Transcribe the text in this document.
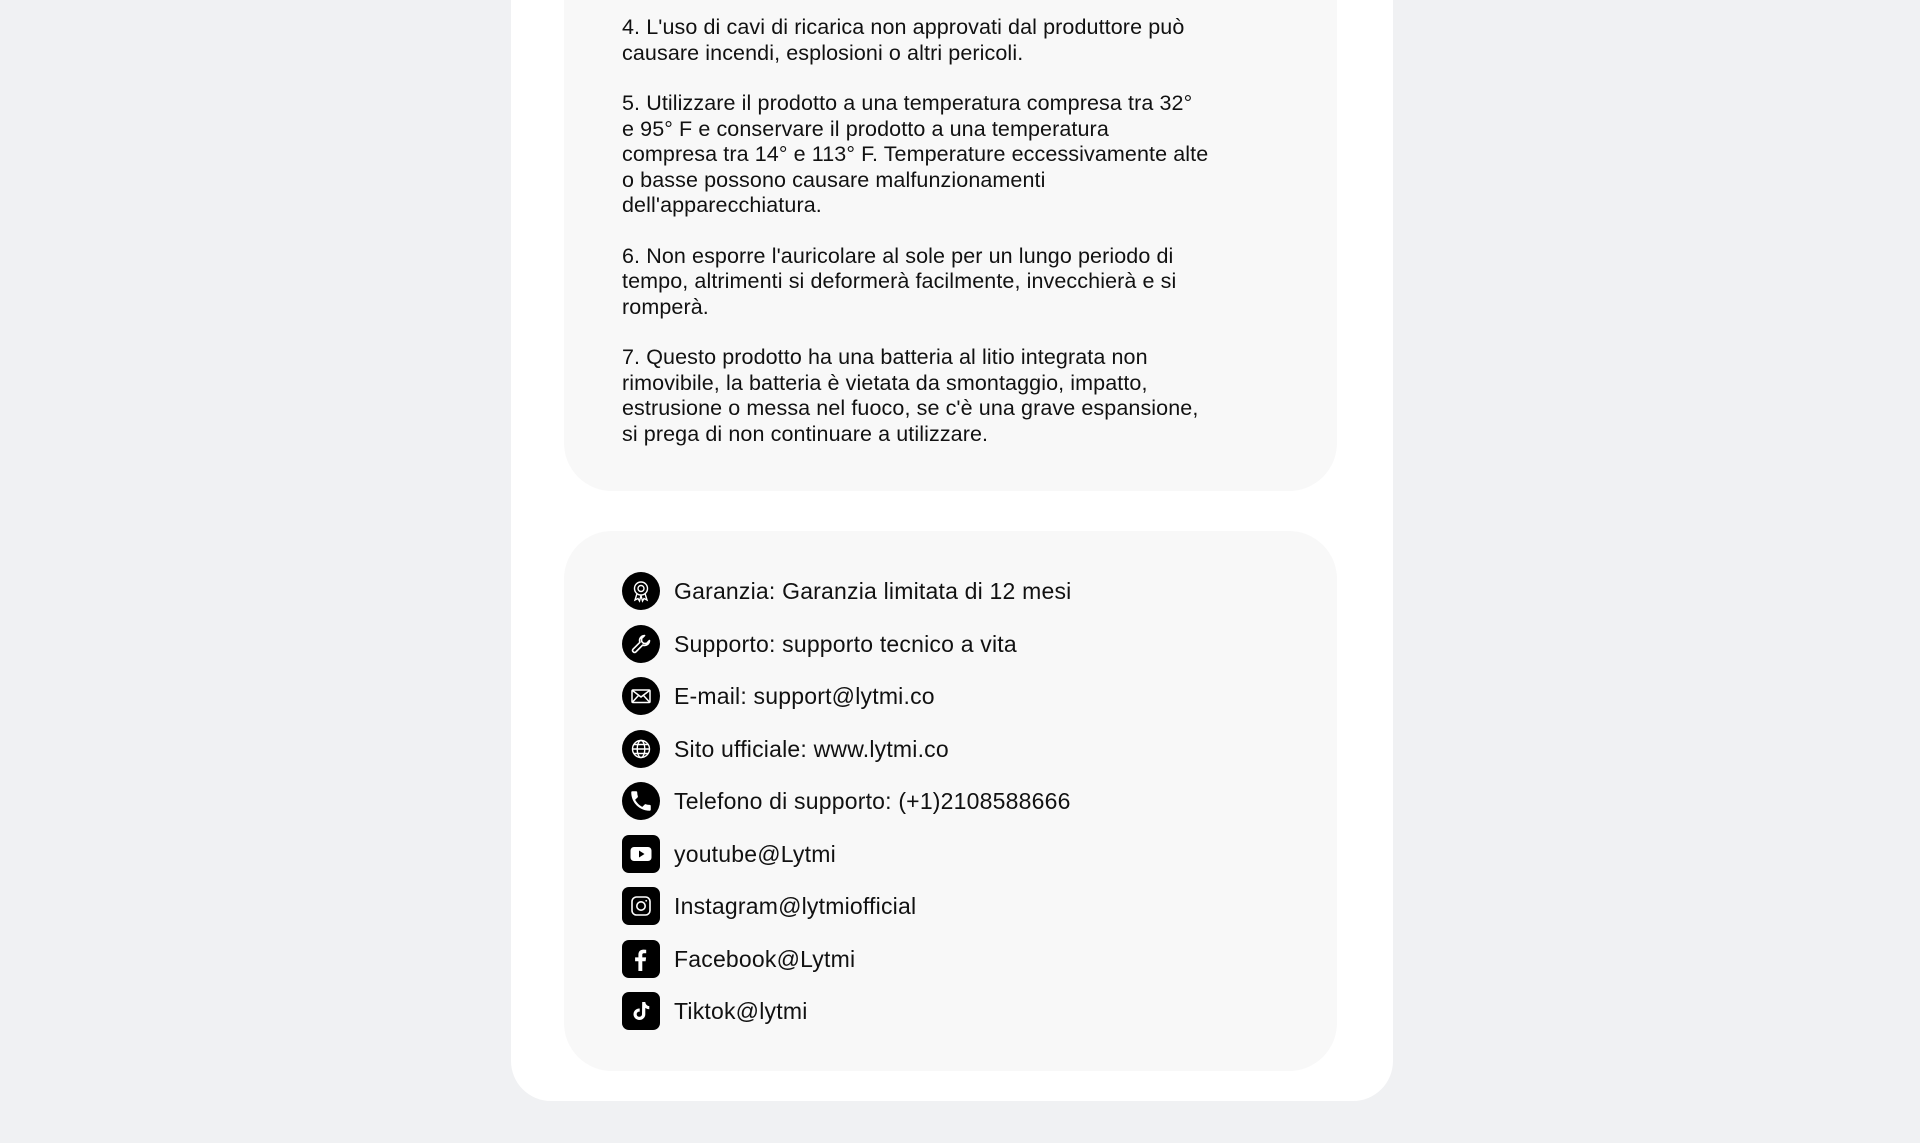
4. L'uso di cavi di ricarica non approvati dal produttore può
causare incendi, esplosioni o altri pericoli.
5. Utilizzare il prodotto a una temperatura compresa tra 32°
e 95° F e conservare il prodotto a una temperatura
compresa tra 14° e 113° F. Temperature eccessivamente alte
o basse possono causare malfunzionamenti
dell'apparecchiatura.
6. Non esporre l'auricolare al sole per un lungo periodo di
tempo, altrimenti si deformerà facilmente, invecchierà e si
romperà.
7. Questo prodotto ha una batteria al litio integrata non
rimovibile, la batteria è vietata da smontaggio, impatto,
estrusione o messa nel fuoco, se c'è una grave espansione,
si prega di non continuare a utilizzare.
Garanzia: Garanzia limitata di 12 mesi
Supporto: supporto tecnico a vita
E-mail: support@lytmi.co
Sito ufficiale: www.lytmi.co
Telefono di supporto: (+1)2108588666
youtube@Lytmi
Instagram@lytmiofficial
Facebook@Lytmi
Tiktok@lytmi
